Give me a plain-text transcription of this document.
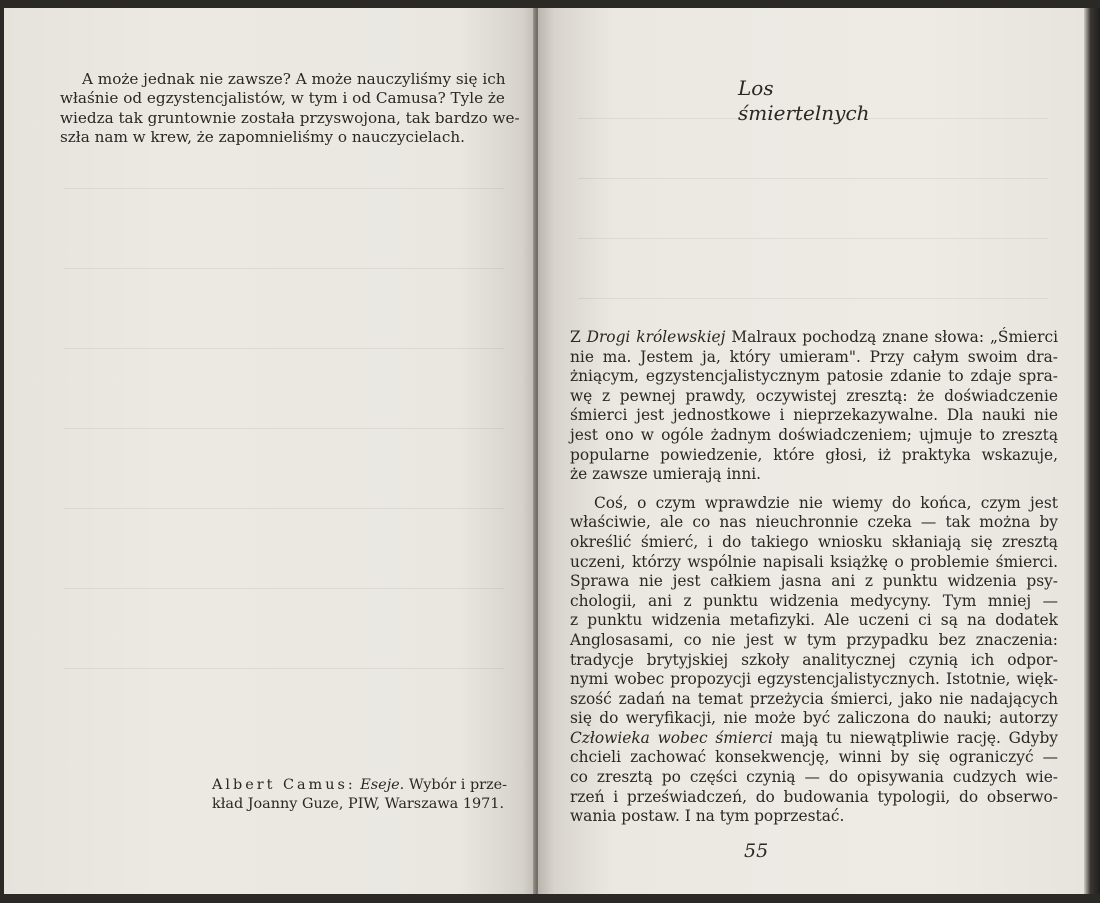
A może jednak nie zawsze? A może nauczyliśmy się ich
właśnie od egzystencjalistów, w tym i od Camusa? Tyle że
wiedza tak gruntownie została przyswojona, tak bardzo we-
szła nam w krew, że zapomnieliśmy o nauczycielach.
Albert Camus: Eseje. Wybór i prze-
kład Joanny Guze, PIW, Warszawa 1971.
Los
śmiertelnych
Z Drogi królewskiej Malraux pochodzą znane słowa: „Śmierci
nie ma. Jestem ja, który umieram". Przy całym swoim dra-
żniącym, egzystencjalistycznym patosie zdanie to zdaje spra-
wę z pewnej prawdy, oczywistej zresztą: że doświadczenie
śmierci jest jednostkowe i nieprzekazywalne. Dla nauki nie
jest ono w ogóle żadnym doświadczeniem; ujmuje to zresztą
popularne powiedzenie, które głosi, iż praktyka wskazuje,
że zawsze umierają inni.
Coś, o czym wprawdzie nie wiemy do końca, czym jest
właściwie, ale co nas nieuchronnie czeka — tak można by
określić śmierć, i do takiego wniosku skłaniają się zresztą
uczeni, którzy wspólnie napisali książkę o problemie śmierci.
Sprawa nie jest całkiem jasna ani z punktu widzenia psy-
chologii, ani z punktu widzenia medycyny. Tym mniej —
z punktu widzenia metafizyki. Ale uczeni ci są na dodatek
Anglosasami, co nie jest w tym przypadku bez znaczenia:
tradycje brytyjskiej szkoły analitycznej czynią ich odpor-
nymi wobec propozycji egzystencjalistycznych. Istotnie, więk-
szość zadań na temat przeżycia śmierci, jako nie nadających
się do weryfikacji, nie może być zaliczona do nauki; autorzy
Człowieka wobec śmierci mają tu niewątpliwie rację. Gdyby
chcieli zachować konsekwencję, winni by się ograniczyć —
co zresztą po części czynią — do opisywania cudzych wie-
rzeń i przeświadczeń, do budowania typologii, do obserwo-
wania postaw. I na tym poprzestać.
55
